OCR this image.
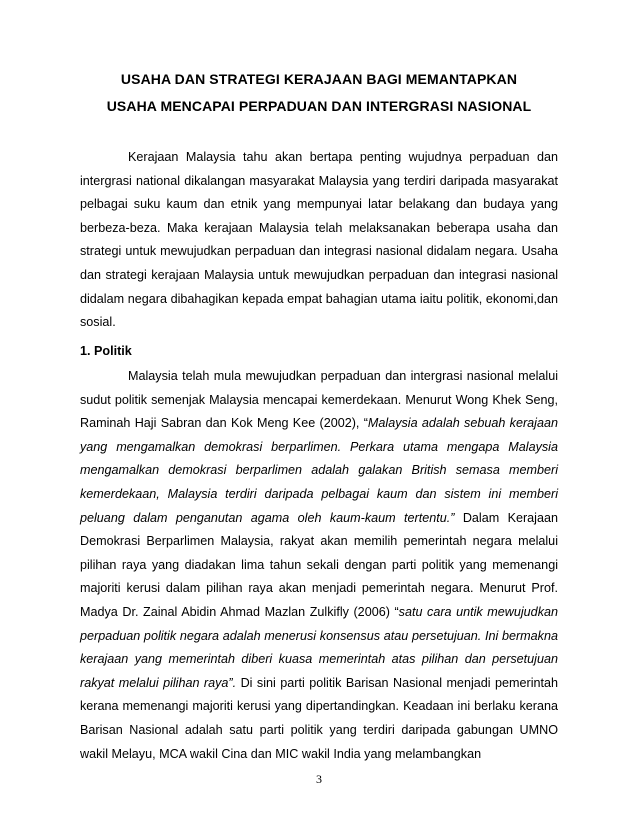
USAHA DAN STRATEGI KERAJAAN BAGI MEMANTAPKAN
USAHA MENCAPAI PERPADUAN DAN INTERGRASI NASIONAL

Kerajaan Malaysia tahu akan bertapa penting wujudnya perpaduan dan intergrasi national dikalangan masyarakat Malaysia yang terdiri daripada masyarakat pelbagai suku kaum dan etnik yang mempunyai latar belakang dan budaya yang berbeza-beza. Maka kerajaan Malaysia telah melaksanakan beberapa usaha dan strategi untuk mewujudkan perpaduan dan integrasi nasional didalam negara. Usaha dan strategi kerajaan Malaysia untuk mewujudkan perpaduan dan integrasi nasional didalam negara dibahagikan kepada empat bahagian utama iaitu politik, ekonomi,dan sosial.

1. Politik

Malaysia telah mula mewujudkan perpaduan dan intergrasi nasional melalui sudut politik semenjak Malaysia mencapai kemerdekaan. Menurut Wong Khek Seng, Raminah Haji Sabran dan Kok Meng Kee (2002), “Malaysia adalah sebuah kerajaan yang mengamalkan demokrasi berparlimen. Perkara utama mengapa Malaysia mengamalkan demokrasi berparlimen adalah galakan British semasa memberi kemerdekaan, Malaysia terdiri daripada pelbagai kaum dan sistem ini memberi peluang dalam penganutan agama oleh kaum-kaum tertentu.” Dalam Kerajaan Demokrasi Berparlimen Malaysia, rakyat akan memilih pemerintah negara melalui pilihan raya yang diadakan lima tahun sekali dengan parti politik yang memenangi majoriti kerusi dalam pilihan raya akan menjadi pemerintah negara. Menurut Prof. Madya Dr. Zainal Abidin Ahmad Mazlan Zulkifly (2006) “satu cara untik mewujudkan perpaduan politik negara adalah menerusi konsensus atau persetujuan. Ini bermakna kerajaan yang memerintah diberi kuasa memerintah atas pilihan dan persetujuan rakyat melalui pilihan raya”. Di sini parti politik Barisan Nasional menjadi pemerintah kerana memenangi majoriti kerusi yang dipertandingkan. Keadaan ini berlaku kerana Barisan Nasional adalah satu parti politik yang terdiri daripada gabungan UMNO wakil Melayu, MCA wakil Cina dan MIC wakil India yang melambangkan

3
